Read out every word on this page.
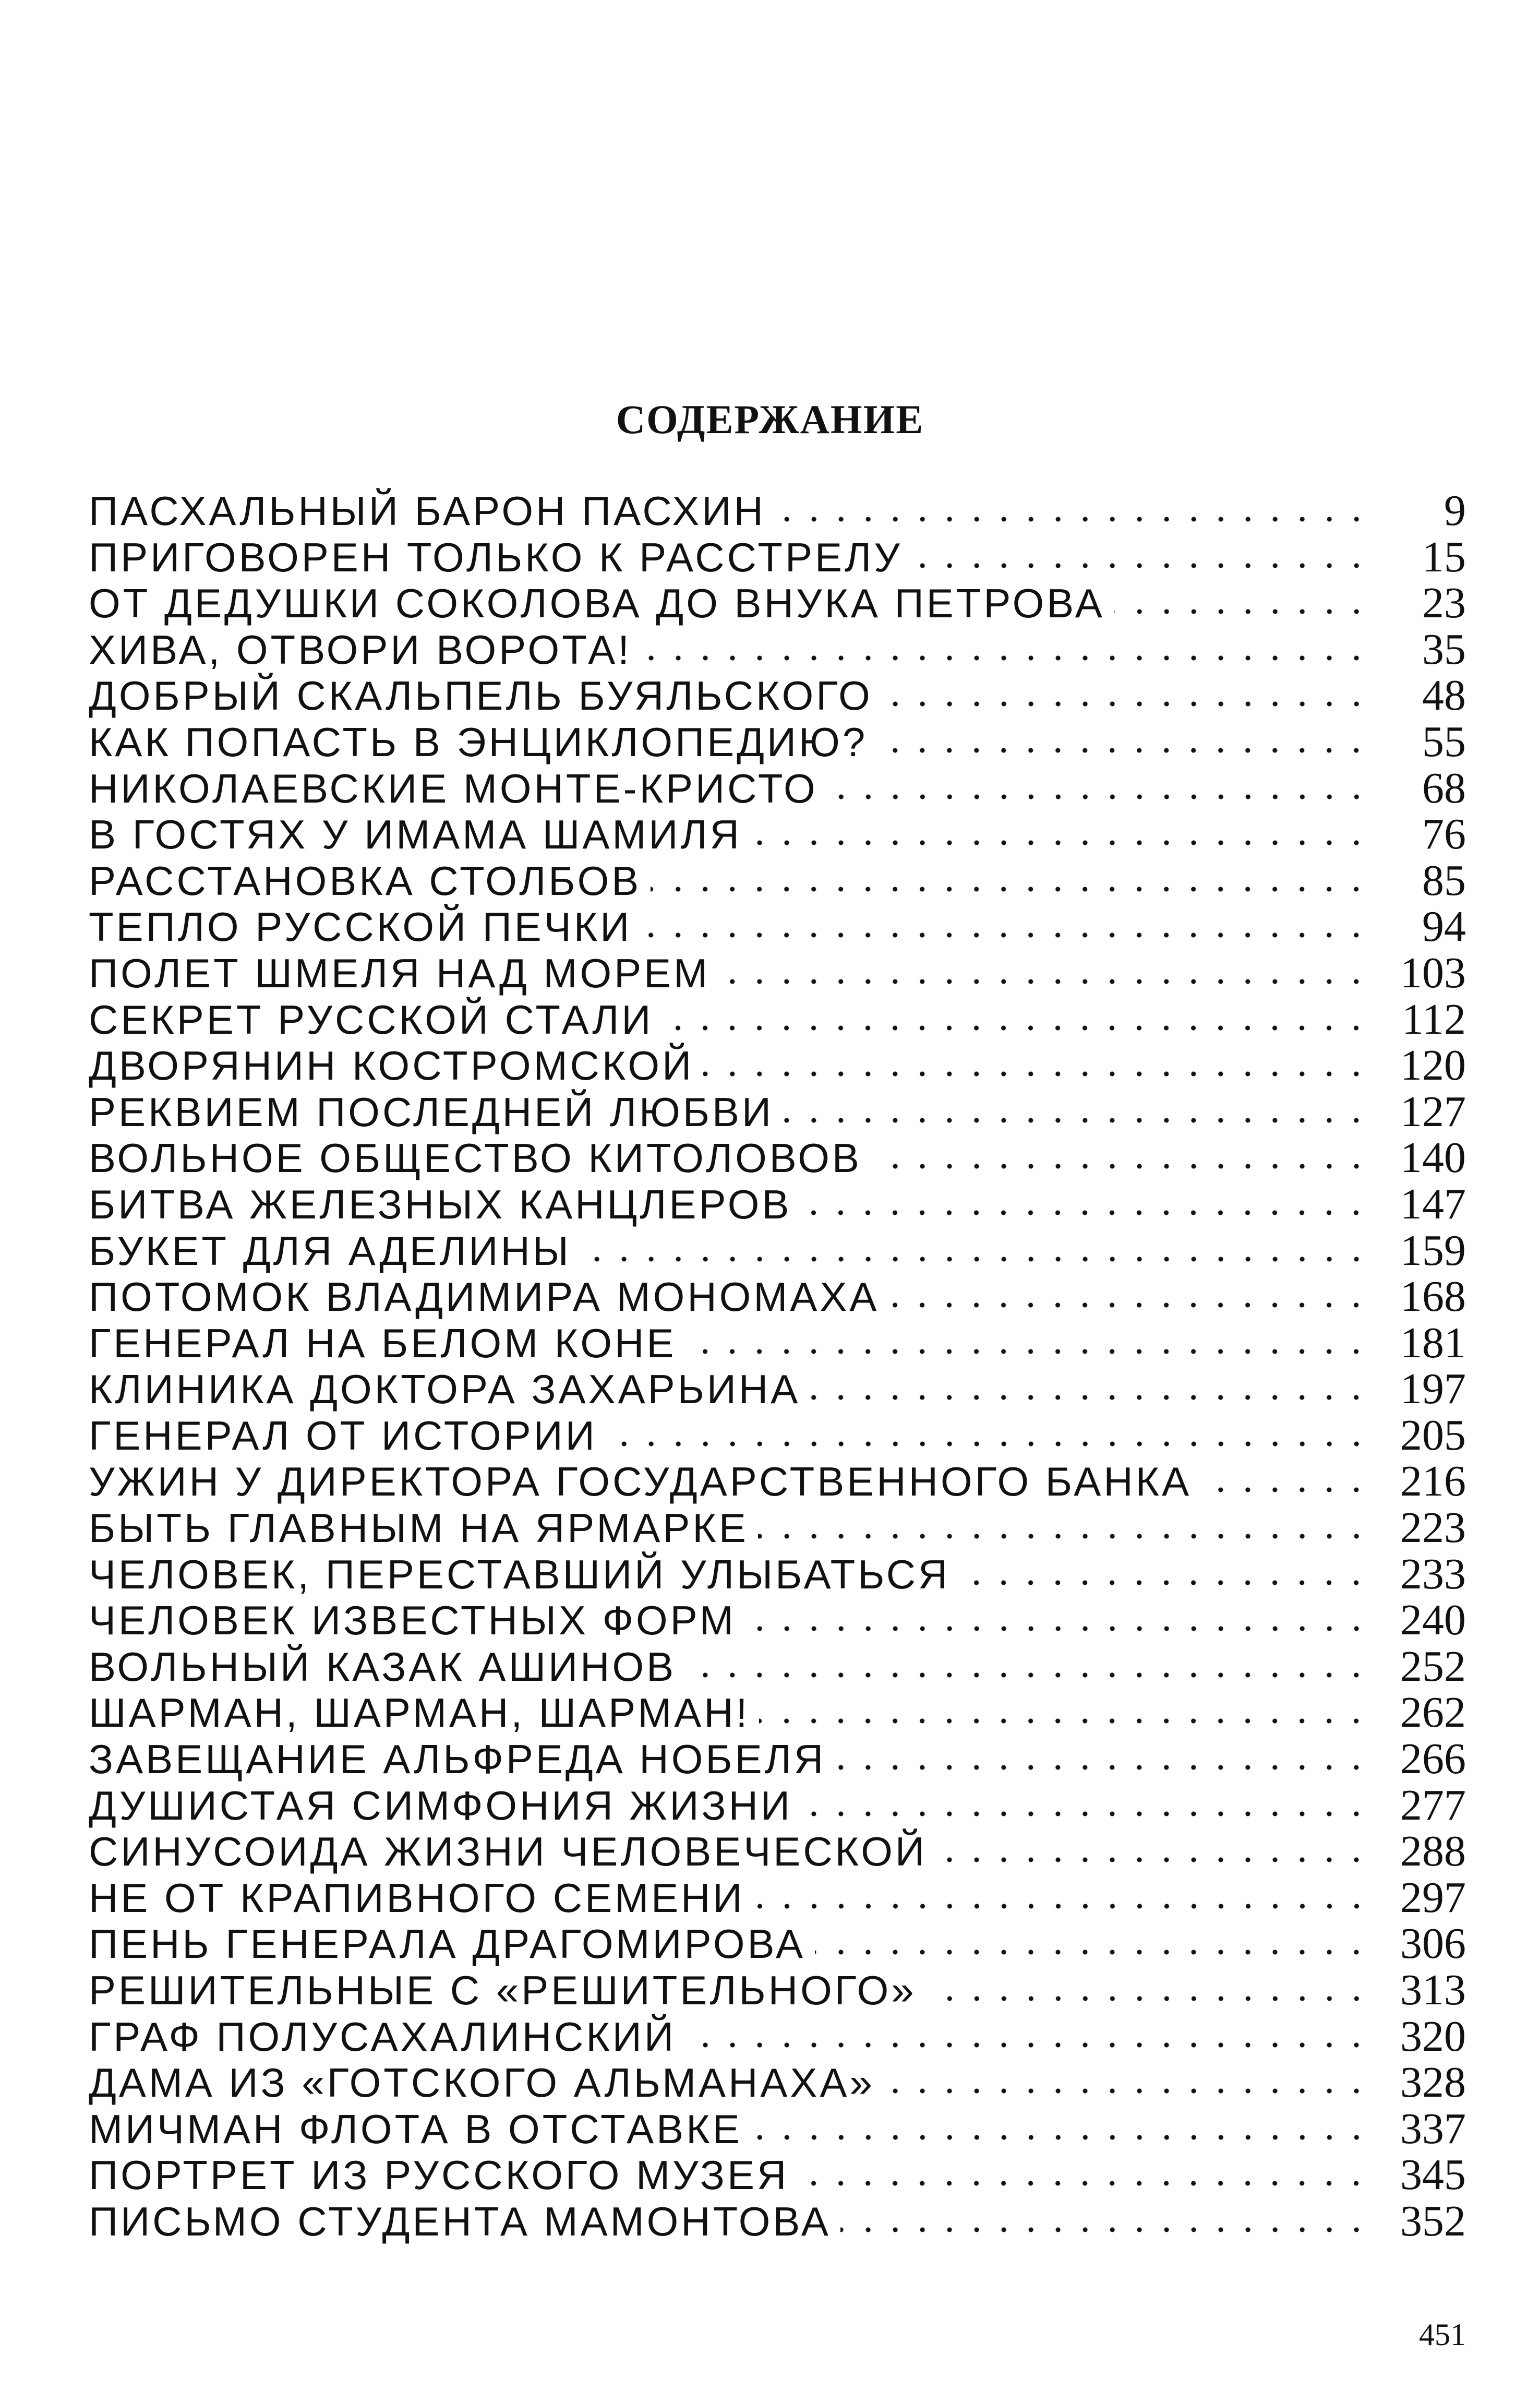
СОДЕРЖАНИЕ
ПАСХАЛЬНЫЙ БАРОН ПАСХИН	9
ПРИГОВОРЕН ТОЛЬКО К РАССТРЕЛУ	15
ОТ ДЕДУШКИ СОКОЛОВА ДО ВНУКА ПЕТРОВА	23
ХИВА, ОТВОРИ ВОРОТА!	35
ДОБРЫЙ СКАЛЬПЕЛЬ БУЯЛЬСКОГО	48
КАК ПОПАСТЬ В ЭНЦИКЛОПЕДИЮ?	55
НИКОЛАЕВСКИЕ МОНТЕ-КРИСТО	68
В ГОСТЯХ У ИМАМА ШАМИЛЯ	76
РАССТАНОВКА СТОЛБОВ	85
ТЕПЛО РУССКОЙ ПЕЧКИ	94
ПОЛЕТ ШМЕЛЯ НАД МОРЕМ	103
СЕКРЕТ РУССКОЙ СТАЛИ	112
ДВОРЯНИН КОСТРОМСКОЙ	120
РЕКВИЕМ ПОСЛЕДНЕЙ ЛЮБВИ	127
ВОЛЬНОЕ ОБЩЕСТВО КИТОЛОВОВ	140
БИТВА ЖЕЛЕЗНЫХ КАНЦЛЕРОВ	147
БУКЕТ ДЛЯ АДЕЛИНЫ	159
ПОТОМОК ВЛАДИМИРА МОНОМАХА	168
ГЕНЕРАЛ НА БЕЛОМ КОНЕ	181
КЛИНИКА ДОКТОРА ЗАХАРЬИНА	197
ГЕНЕРАЛ ОТ ИСТОРИИ	205
УЖИН У ДИРЕКТОРА ГОСУДАРСТВЕННОГО БАНКА	216
БЫТЬ ГЛАВНЫМ НА ЯРМАРКЕ	223
ЧЕЛОВЕК, ПЕРЕСТАВШИЙ УЛЫБАТЬСЯ	233
ЧЕЛОВЕК ИЗВЕСТНЫХ ФОРМ	240
ВОЛЬНЫЙ КАЗАК АШИНОВ	252
ШАРМАН, ШАРМАН, ШАРМАН!	262
ЗАВЕЩАНИЕ АЛЬФРЕДА НОБЕЛЯ	266
ДУШИСТАЯ СИМФОНИЯ ЖИЗНИ	277
СИНУСОИДА ЖИЗНИ ЧЕЛОВЕЧЕСКОЙ	288
НЕ ОТ КРАПИВНОГО СЕМЕНИ	297
ПЕНЬ ГЕНЕРАЛА ДРАГОМИРОВА	306
РЕШИТЕЛЬНЫЕ С «РЕШИТЕЛЬНОГО»	313
ГРАФ ПОЛУСАХАЛИНСКИЙ	320
ДАМА ИЗ «ГОТСКОГО АЛЬМАНАХА»	328
МИЧМАН ФЛОТА В ОТСТАВКЕ	337
ПОРТРЕТ ИЗ РУССКОГО МУЗЕЯ	345
ПИСЬМО СТУДЕНТА МАМОНТОВА	352
451
